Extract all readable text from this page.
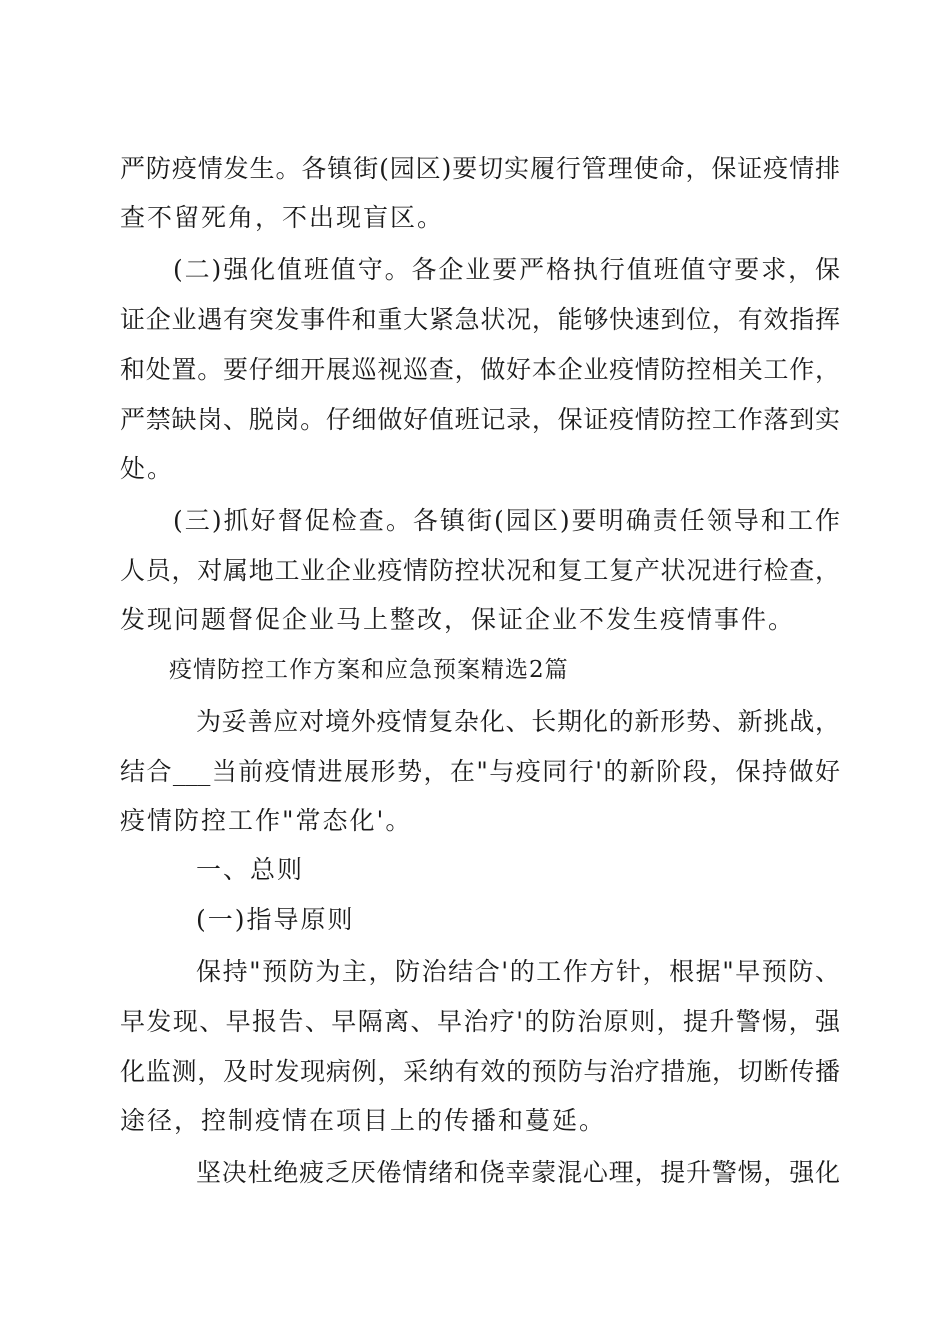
严防疫情发生。各镇街(园区)要切实履行管理使命，保证疫情排
查不留死角，不出现盲区。
(二)强化值班值守。各企业要严格执行值班值守要求，保
证企业遇有突发事件和重大紧急状况，能够快速到位，有效指挥
和处置。要仔细开展巡视巡查，做好本企业疫情防控相关工作，
严禁缺岗、脱岗。仔细做好值班记录，保证疫情防控工作落到实
处。
(三)抓好督促检查。各镇街(园区)要明确责任领导和工作
人员，对属地工业企业疫情防控状况和复工复产状况进行检查，
发现问题督促企业马上整改，保证企业不发生疫情事件。
疫情防控工作方案和应急预案精选2篇
为妥善应对境外疫情复杂化、长期化的新形势、新挑战，
结合___当前疫情进展形势，在"与疫同行'的新阶段，保持做好
疫情防控工作"常态化'。
一、总则
(一)指导原则
保持"预防为主，防治结合'的工作方针，根据"早预防、
早发现、早报告、早隔离、早治疗'的防治原则，提升警惕，强
化监测，及时发现病例，采纳有效的预防与治疗措施，切断传播
途径，控制疫情在项目上的传播和蔓延。
坚决杜绝疲乏厌倦情绪和侥幸蒙混心理，提升警惕，强化
